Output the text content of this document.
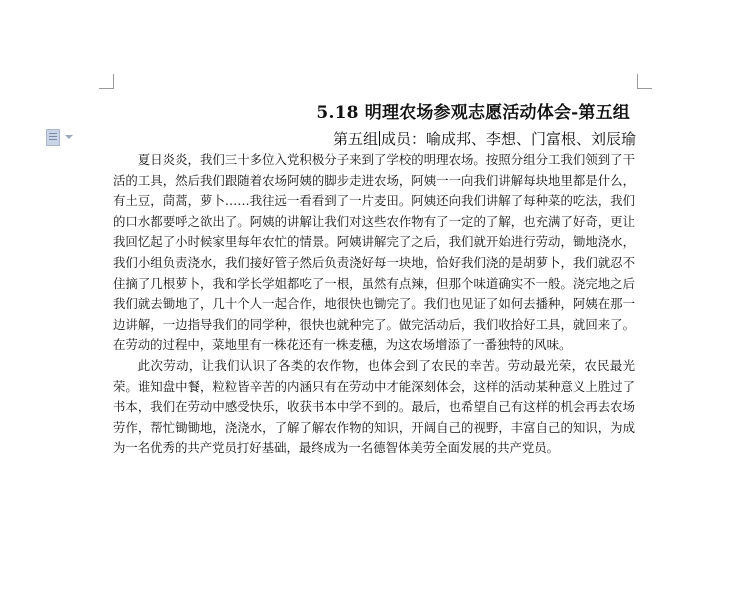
5.18 明理农场参观志愿活动体会-第五组
第五组 成员：喻成邦、李想、门富根、刘辰瑜

夏日炎炎，我们三十多位入党积极分子来到了学校的明理农场。按照分组分工我们领到了干活的工具，然后我们跟随着农场阿姨的脚步走进农场，阿姨一一向我们讲解每块地里都是什么，有土豆，茼蒿，萝卜……我往远一看看到了一片麦田。阿姨还向我们讲解了每种菜的吃法，我们的口水都要呼之欲出了。阿姨的讲解让我们对这些农作物有了一定的了解，也充满了好奇，更让我回忆起了小时候家里每年农忙的情景。阿姨讲解完了之后，我们就开始进行劳动，锄地浇水，我们小组负责浇水，我们接好管子然后负责浇好每一块地，恰好我们浇的是胡萝卜，我们就忍不住摘了几根萝卜，我和学长学姐都吃了一根，虽然有点辣，但那个味道确实不一般。浇完地之后我们就去锄地了，几十个人一起合作，地很快也锄完了。我们也见证了如何去播种，阿姨在那一边讲解，一边指导我们的同学种，很快也就种完了。做完活动后，我们收拾好工具，就回来了。在劳动的过程中，菜地里有一株花还有一株麦穗，为这农场增添了一番独特的风味。

此次劳动，让我们认识了各类的农作物，也体会到了农民的幸苦。劳动最光荣，农民最光荣。谁知盘中餐，粒粒皆辛苦的内涵只有在劳动中才能深刻体会，这样的活动某种意义上胜过了书本，我们在劳动中感受快乐，收获书本中学不到的。最后，也希望自己有这样的机会再去农场劳作，帮忙锄锄地，浇浇水，了解了解农作物的知识，开阔自己的视野，丰富自己的知识，为成为一名优秀的共产党员打好基础，最终成为一名德智体美劳全面发展的共产党员。
